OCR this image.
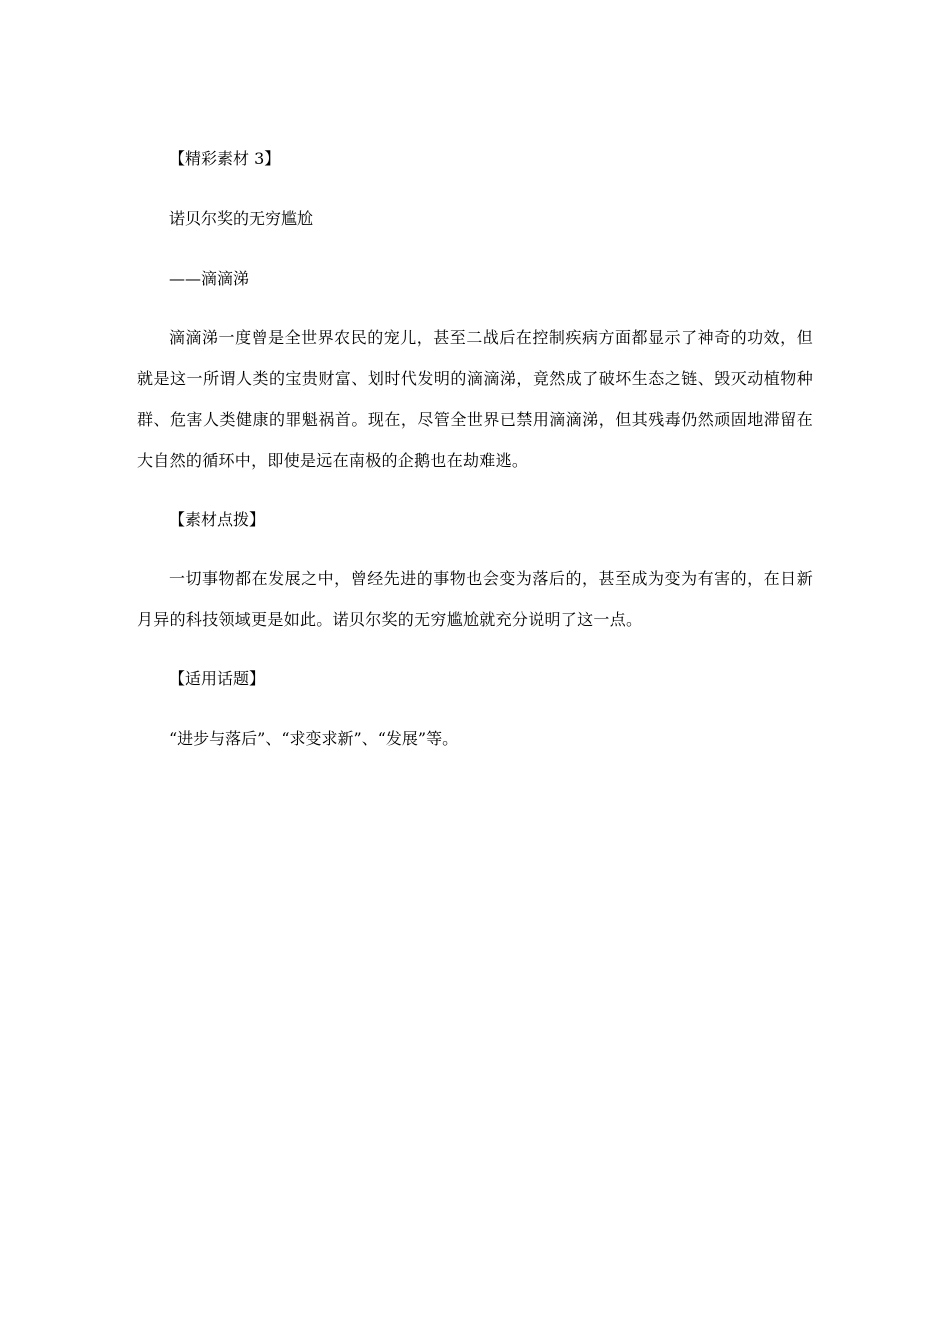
【精彩素材 3】

诺贝尔奖的无穷尴尬

——滴滴涕

滴滴涕一度曾是全世界农民的宠儿，甚至二战后在控制疾病方面都显示了神奇的功效，但就是这一所谓人类的宝贵财富、划时代发明的滴滴涕，竟然成了破坏生态之链、毁灭动植物种群、危害人类健康的罪魁祸首。现在，尽管全世界已禁用滴滴涕，但其残毒仍然顽固地滞留在大自然的循环中，即使是远在南极的企鹅也在劫难逃。

【素材点拨】

一切事物都在发展之中，曾经先进的事物也会变为落后的，甚至成为变为有害的，在日新月异的科技领域更是如此。诺贝尔奖的无穷尴尬就充分说明了这一点。

【适用话题】

“进步与落后”、“求变求新”、“发展”等。
